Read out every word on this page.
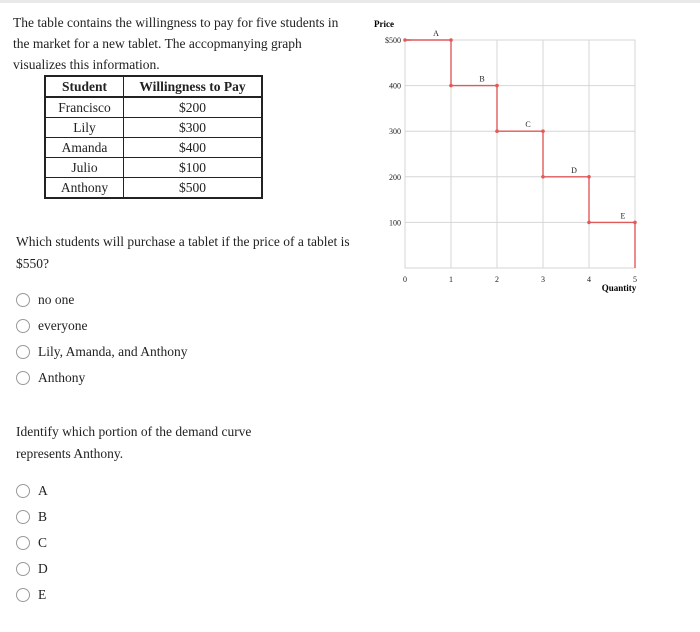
The table contains the willingness to pay for five students in the market for a new tablet. The accopmanying graph visualizes this information.

Student	Willingness to Pay
Francisco	$200
Lily	$300
Amanda	$400
Julio	$100
Anthony	$500

Which students will purchase a tablet if the price of a tablet is $550?

no one
everyone
Lily, Amanda, and Anthony
Anthony

Identify which portion of the demand curve represents Anthony.

A
B
C
D
E
Price
$500
400
300
200
100
0	1	2	3	4	5
A
B
C
D
E
Quantity
